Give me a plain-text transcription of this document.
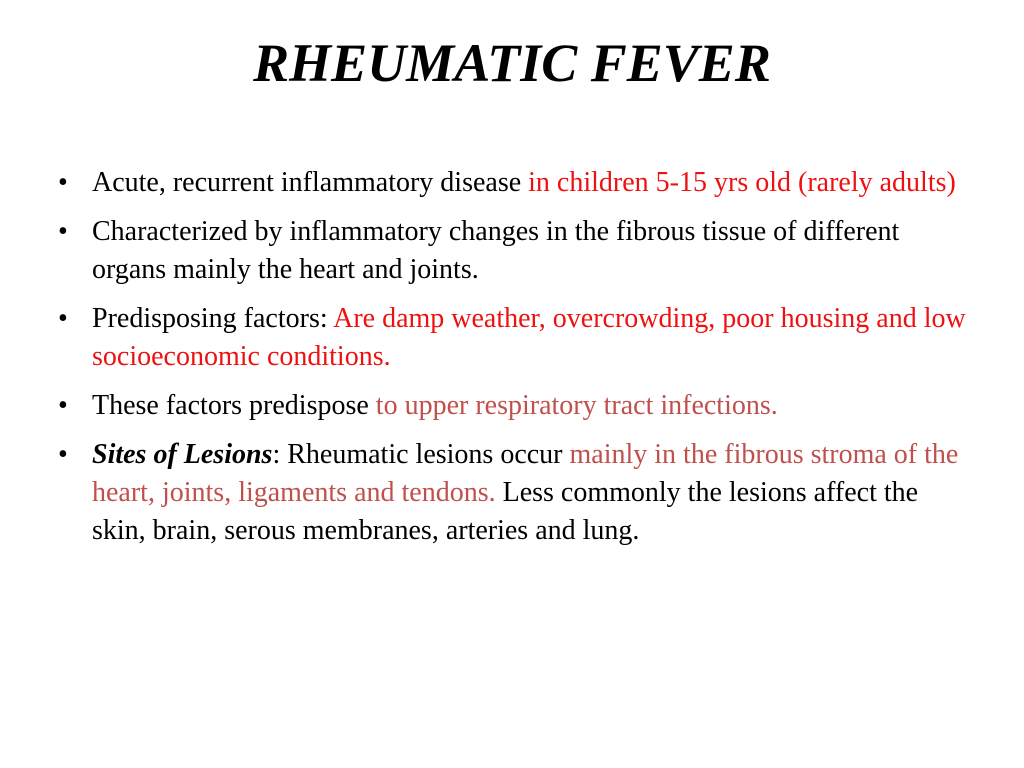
RHEUMATIC FEVER
• Acute, recurrent inflammatory disease in children 5-15 yrs old (rarely adults)
• Characterized by inflammatory changes in the fibrous tissue of different organs mainly the heart and joints.
• Predisposing factors: Are damp weather, overcrowding, poor housing and low socioeconomic conditions.
• These factors predispose to upper respiratory tract infections.
• Sites of Lesions: Rheumatic lesions occur mainly in the fibrous stroma of the heart, joints, ligaments and tendons. Less commonly the lesions affect the skin, brain, serous membranes, arteries and lung.
